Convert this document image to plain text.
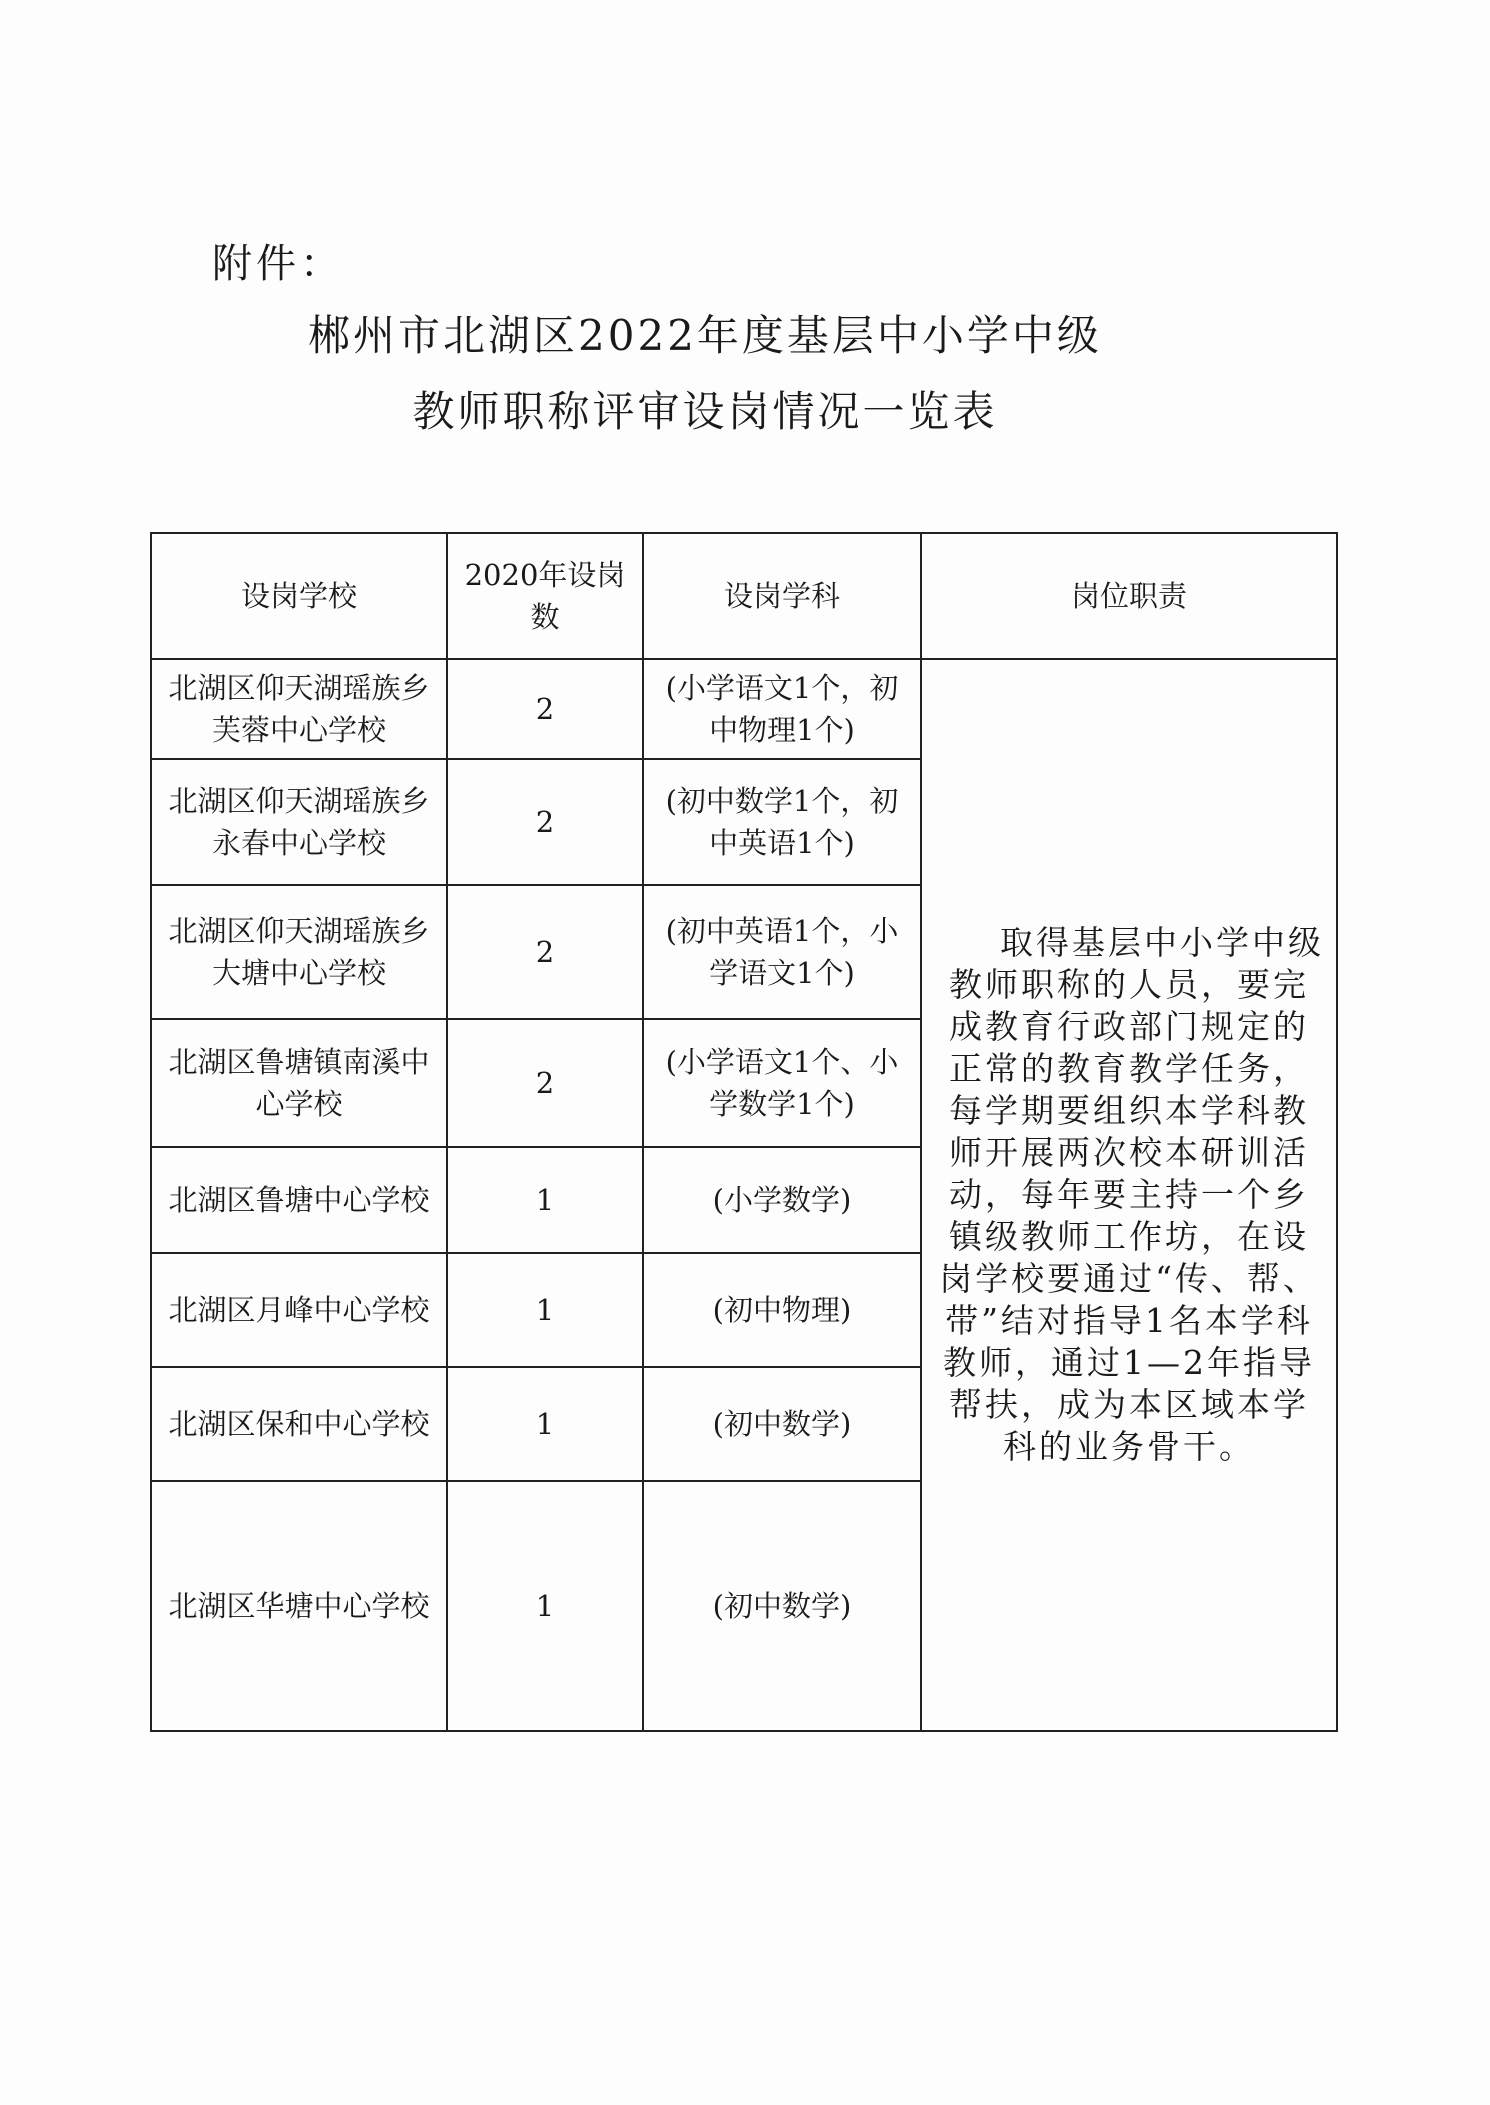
附件：
郴州市北湖区2022年度基层中小学中级
教师职称评审设岗情况一览表
设岗学校	2020年设岗数	设岗学科	岗位职责
北湖区仰天湖瑶族乡芙蓉中心学校	2	(小学语文1个，初中物理1个)	取得基层中小学中级教师职称的人员，要完成教育行政部门规定的正常的教育教学任务，每学期要组织本学科教师开展两次校本研训活动，每年要主持一个乡镇级教师工作坊，在设岗学校要通过“传、帮、带”结对指导1名本学科教师，通过1—2年指导帮扶，成为本区域本学科的业务骨干。

北湖区仰天湖瑶族乡永春中心学校	2	(初中数学1个，初中英语1个)	
北湖区仰天湖瑶族乡大塘中心学校	2	(初中英语1个，小学语文1个)	
北湖区鲁塘镇南溪中心学校	2	(小学语文1个、小学数学1个)	
北湖区鲁塘中心学校	1	(小学数学)	
北湖区月峰中心学校	1	(初中物理)	
北湖区保和中心学校	1	(初中数学)	
北湖区华塘中心学校	1	(初中数学)	
